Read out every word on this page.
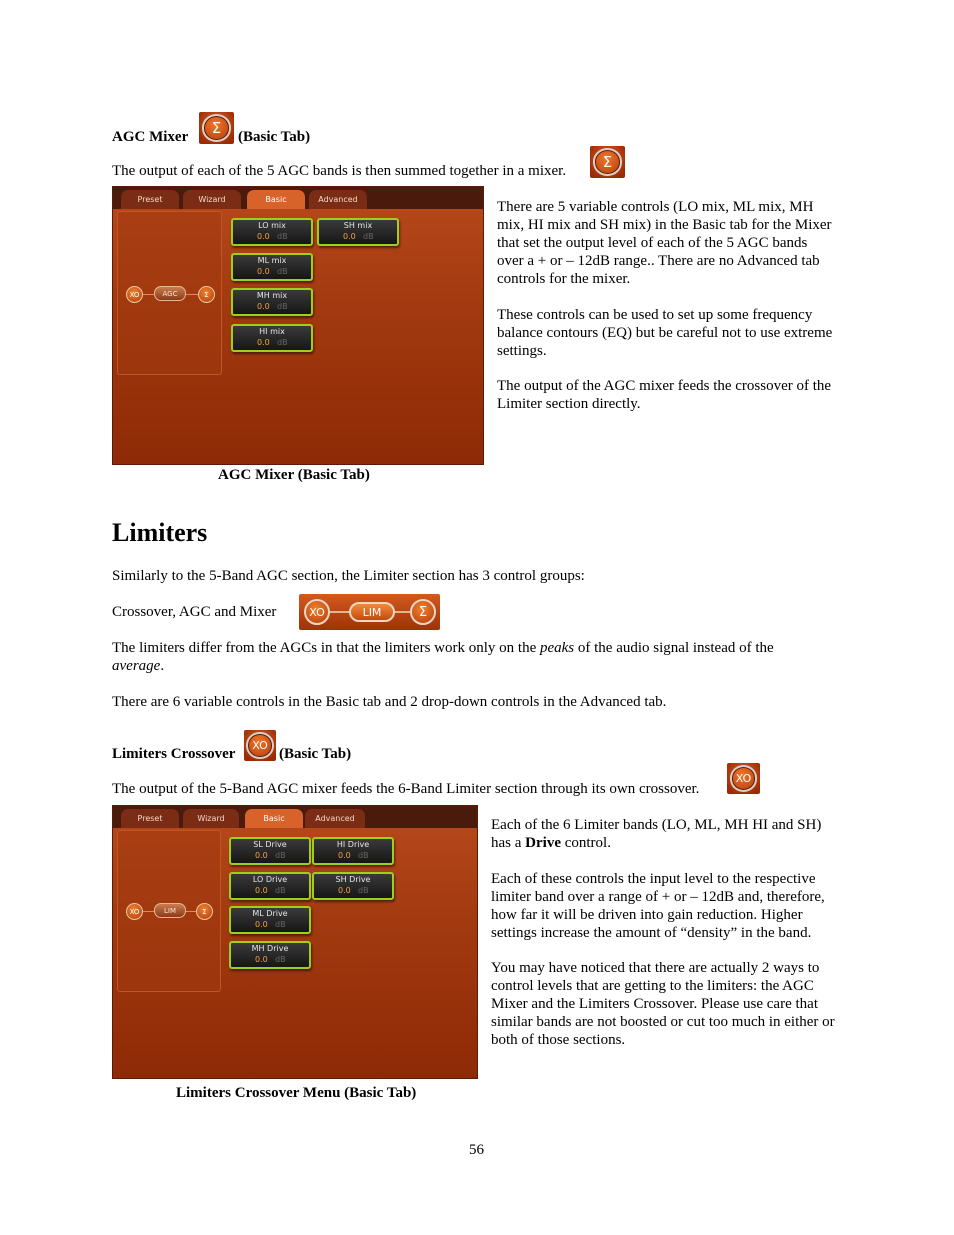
AGC Mixer
Σ
(Basic Tab)

The output of each of the 5 AGC bands is then summed together in a mixer.

Σ
Preset	Wizard	Basic	Advanced
XO	AGC	Σ
LO mix
0.0 dB
SH mix
0.0 dB
ML mix
0.0 dB
MH mix
0.0 dB
HI mix
0.0 dB

There are 5 variable controls (LO mix, ML mix, MH mix, HI mix and SH mix) in the Basic tab for the Mixer that set the output level of each of the 5 AGC bands over a + or – 12dB range.. There are no Advanced tab controls for the mixer.

These controls can be used to set up some frequency balance contours (EQ) but be careful not to use extreme settings.

The output of the AGC mixer feeds the crossover of the Limiter section directly.

AGC Mixer (Basic Tab)
Limiters

Similarly to the 5-Band AGC section, the Limiter section has 3 control groups:

Crossover, AGC and Mixer	XO	LIM	Σ

The limiters differ from the AGCs in that the limiters work only on the peaks of the audio signal instead of the average.

There are 6 variable controls in the Basic tab and 2 drop-down controls in the Advanced tab.

Limiters Crossover
XO
(Basic Tab)

The output of the 5-Band AGC mixer feeds the 6-Band Limiter section through its own crossover.

XO
Preset	Wizard	Basic	Advanced
XO	LIM	Σ
SL Drive
0.0 dB
HI Drive
0.0 dB
LO Drive
0.0 dB
SH Drive
0.0 dB
ML Drive
0.0 dB
MH Drive
0.0 dB

Each of the 6 Limiter bands (LO, ML, MH HI and SH) has a Drive control.

Each of these controls the input level to the respective limiter band over a range of + or – 12dB and, therefore, how far it will be driven into gain reduction. Higher settings increase the amount of “density” in the band.

You may have noticed that there are actually 2 ways to control levels that are getting to the limiters: the AGC Mixer and the Limiters Crossover. Please use care that similar bands are not boosted or cut too much in either or both of those sections.

Limiters Crossover Menu (Basic Tab)
56
